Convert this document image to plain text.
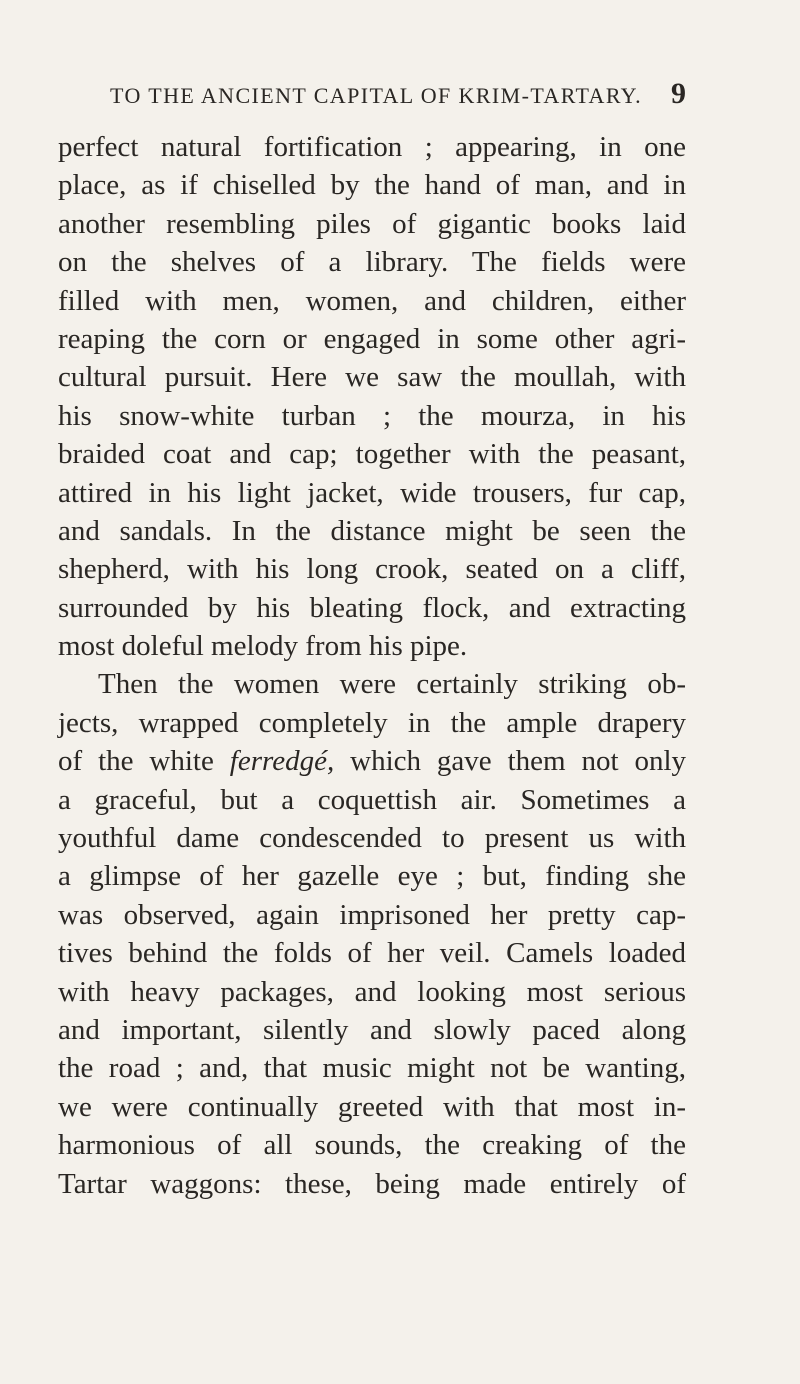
TO THE ANCIENT CAPITAL OF KRIM-TARTARY. 9
perfect natural fortification ; appearing, in one
place, as if chiselled by the hand of man, and in
another resembling piles of gigantic books laid
on the shelves of a library. The fields were
filled with men, women, and children, either
reaping the corn or engaged in some other agri-
cultural pursuit. Here we saw the moullah, with
his snow-white turban ; the mourza, in his
braided coat and cap; together with the peasant,
attired in his light jacket, wide trousers, fur cap,
and sandals. In the distance might be seen the
shepherd, with his long crook, seated on a cliff,
surrounded by his bleating flock, and extracting
most doleful melody from his pipe.
Then the women were certainly striking ob-
jects, wrapped completely in the ample drapery
of the white ferredgé, which gave them not only
a graceful, but a coquettish air. Sometimes a
youthful dame condescended to present us with
a glimpse of her gazelle eye ; but, finding she
was observed, again imprisoned her pretty cap-
tives behind the folds of her veil. Camels loaded
with heavy packages, and looking most serious
and important, silently and slowly paced along
the road ; and, that music might not be wanting,
we were continually greeted with that most in-
harmonious of all sounds, the creaking of the
Tartar waggons: these, being made entirely of
